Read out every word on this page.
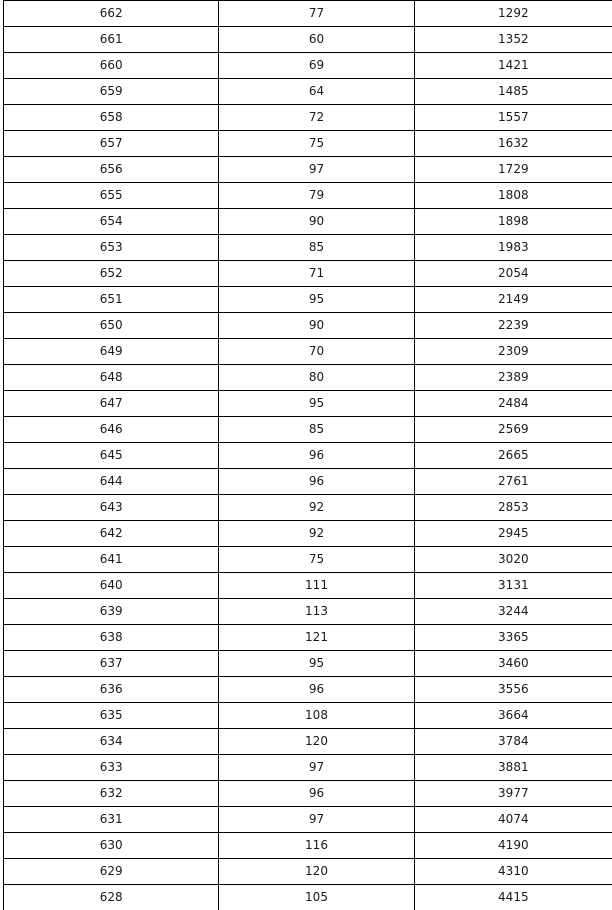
662	77	1292
661	60	1352
660	69	1421
659	64	1485
658	72	1557
657	75	1632
656	97	1729
655	79	1808
654	90	1898
653	85	1983
652	71	2054
651	95	2149
650	90	2239
649	70	2309
648	80	2389
647	95	2484
646	85	2569
645	96	2665
644	96	2761
643	92	2853
642	92	2945
641	75	3020
640	111	3131
639	113	3244
638	121	3365
637	95	3460
636	96	3556
635	108	3664
634	120	3784
633	97	3881
632	96	3977
631	97	4074
630	116	4190
629	120	4310
628	105	4415
